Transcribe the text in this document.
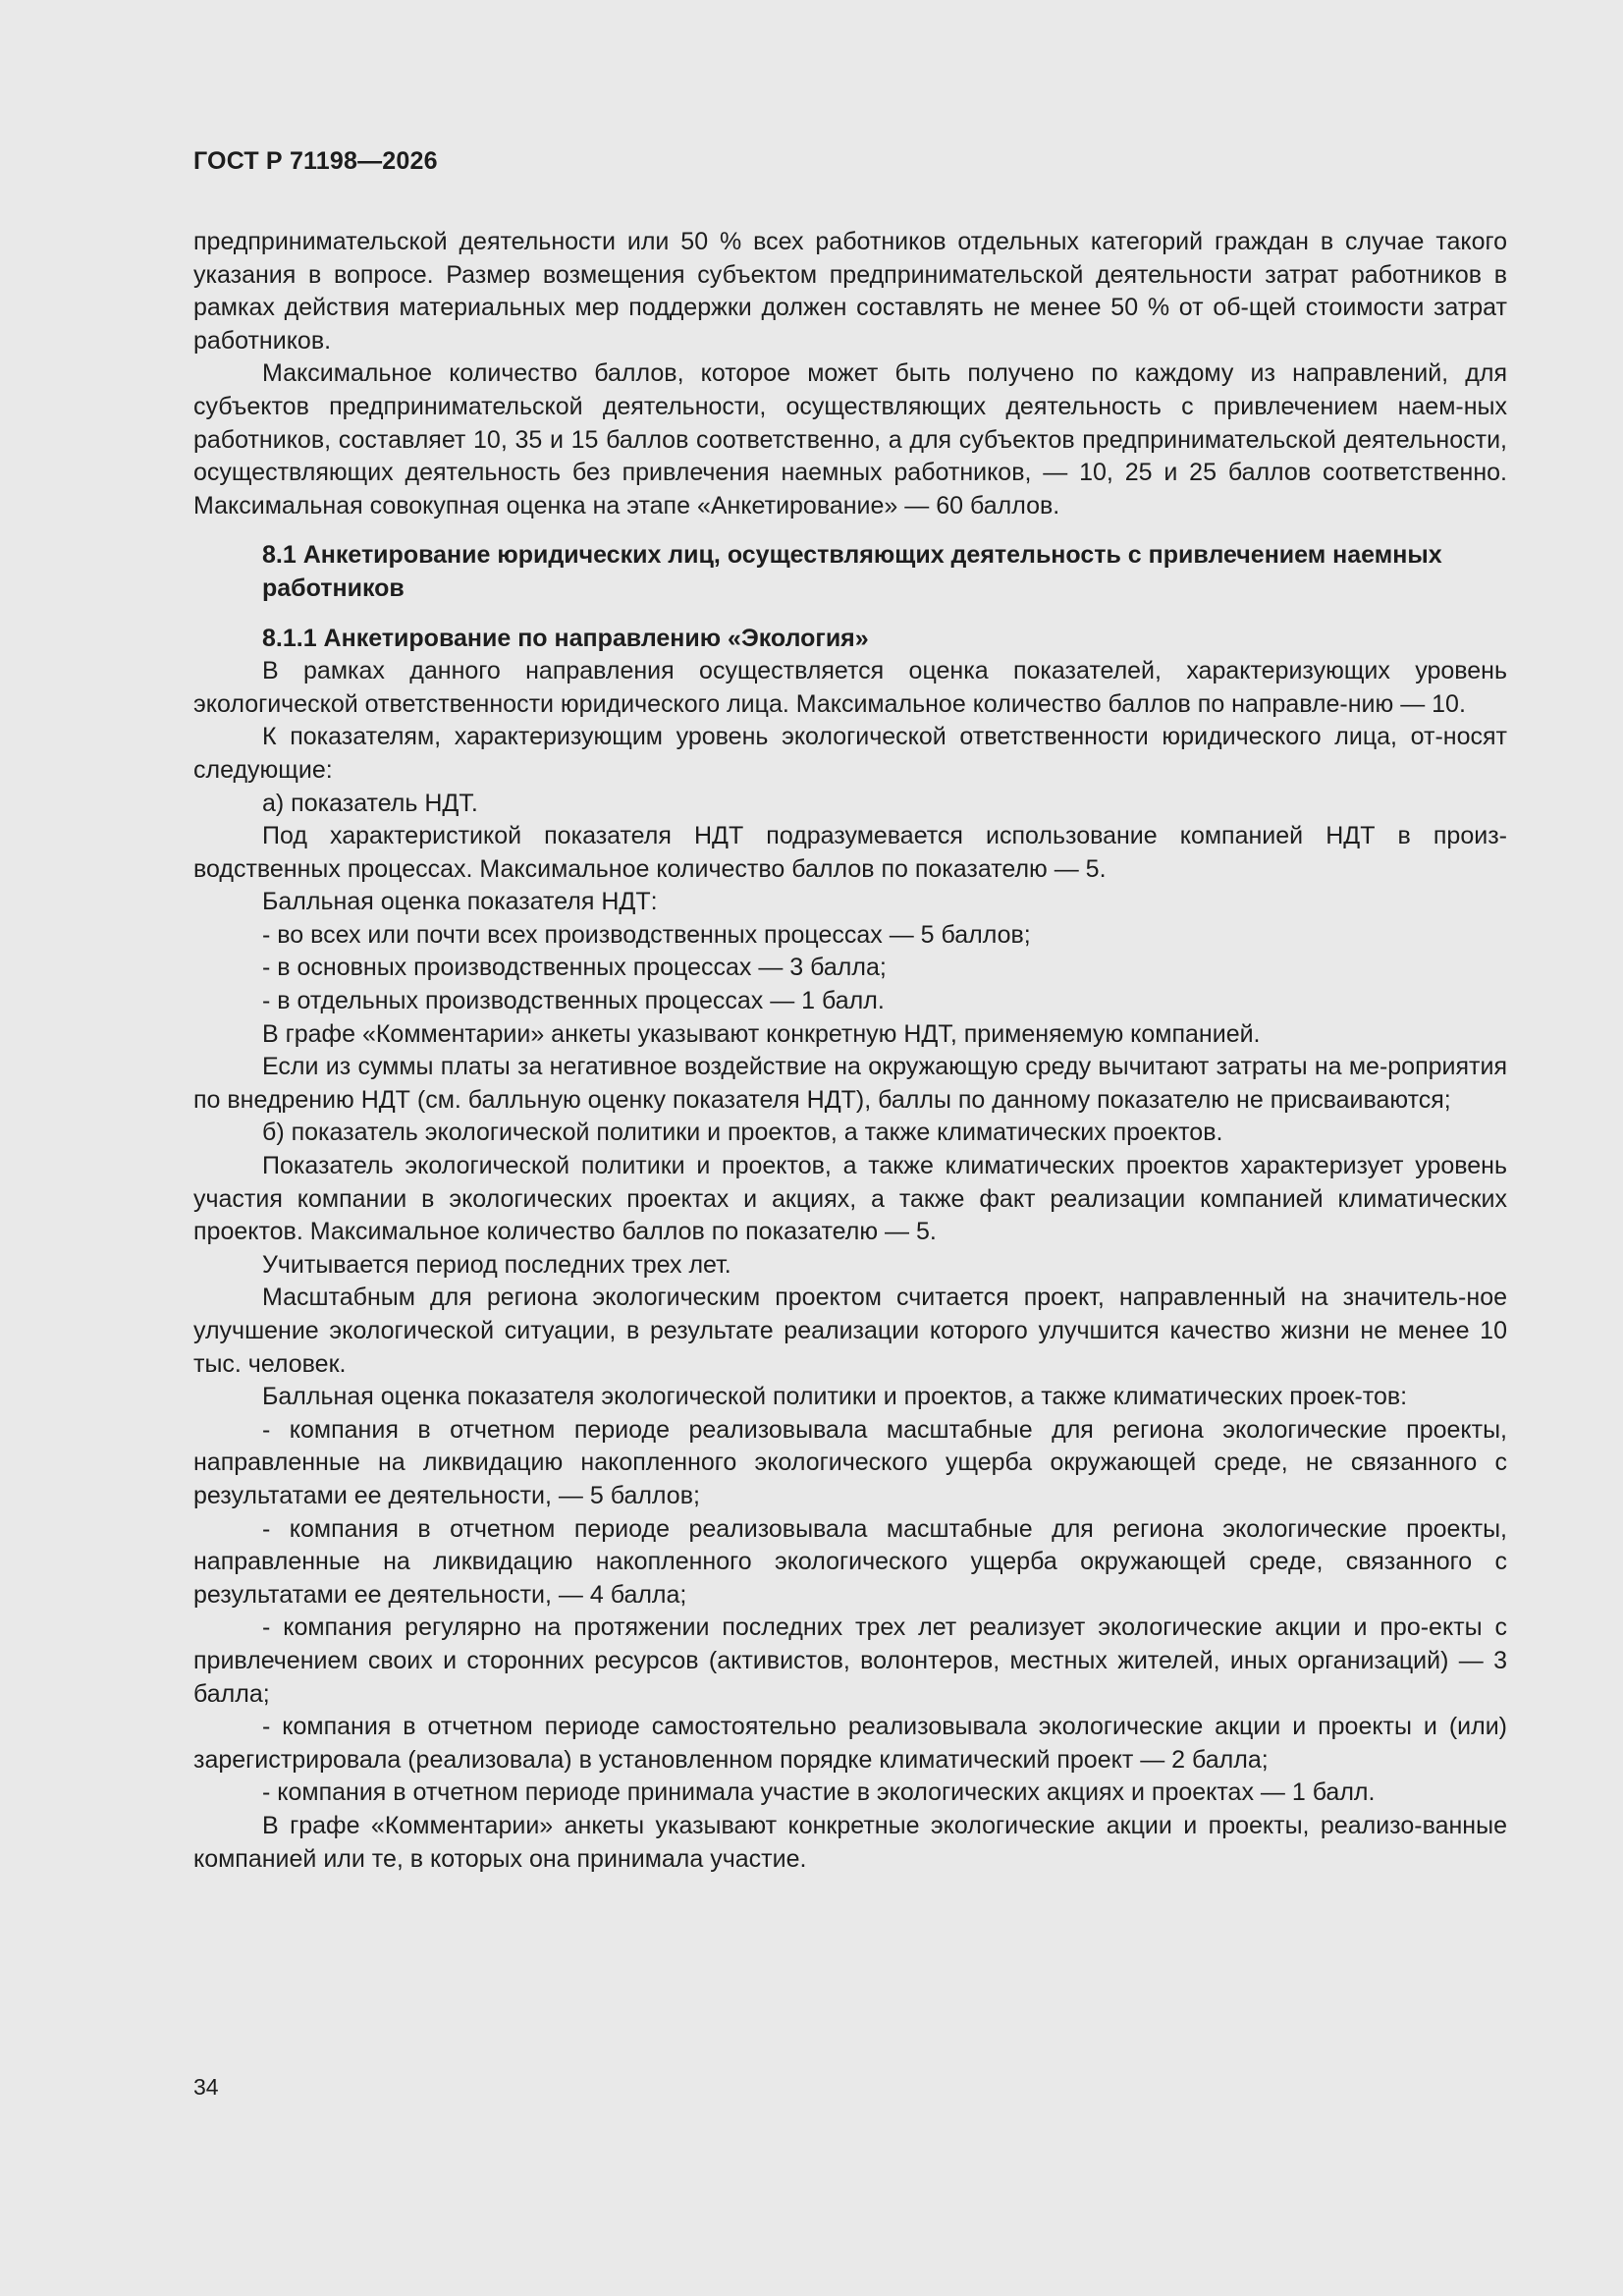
ГОСТ Р 71198—2026

предпринимательской деятельности или 50 % всех работников отдельных категорий граждан в случае такого указания в вопросе. Размер возмещения субъектом предпринимательской деятельности затрат работников в рамках действия материальных мер поддержки должен составлять не менее 50 % от об-щей стоимости затрат работников.

Максимальное количество баллов, которое может быть получено по каждому из направлений, для субъектов предпринимательской деятельности, осуществляющих деятельность с привлечением наем-ных работников, составляет 10, 35 и 15 баллов соответственно, а для субъектов предпринимательской деятельности, осуществляющих деятельность без привлечения наемных работников, — 10, 25 и 25 баллов соответственно. Максимальная совокупная оценка на этапе «Анкетирование» — 60 баллов.

8.1 Анкетирование юридических лиц, осуществляющих деятельность с привлечением наемных работников
8.1.1 Анкетирование по направлению «Экология»

В рамках данного направления осуществляется оценка показателей, характеризующих уровень экологической ответственности юридического лица. Максимальное количество баллов по направле-нию — 10.

К показателям, характеризующим уровень экологической ответственности юридического лица, от-носят следующие:

а) показатель НДТ.

Под характеристикой показателя НДТ подразумевается использование компанией НДТ в произ-водственных процессах. Максимальное количество баллов по показателю — 5.

Балльная оценка показателя НДТ:

- во всех или почти всех производственных процессах — 5 баллов;

- в основных производственных процессах — 3 балла;

- в отдельных производственных процессах — 1 балл.

В графе «Комментарии» анкеты указывают конкретную НДТ, применяемую компанией.

Если из суммы платы за негативное воздействие на окружающую среду вычитают затраты на ме-роприятия по внедрению НДТ (см. балльную оценку показателя НДТ), баллы по данному показателю не присваиваются;

б) показатель экологической политики и проектов, а также климатических проектов.

Показатель экологической политики и проектов, а также климатических проектов характеризует уровень участия компании в экологических проектах и акциях, а также факт реализации компанией климатических проектов. Максимальное количество баллов по показателю — 5.

Учитывается период последних трех лет.

Масштабным для региона экологическим проектом считается проект, направленный на значитель-ное улучшение экологической ситуации, в результате реализации которого улучшится качество жизни не менее 10 тыс. человек.

Балльная оценка показателя экологической политики и проектов, а также климатических проек-тов:

- компания в отчетном периоде реализовывала масштабные для региона экологические проекты, направленные на ликвидацию накопленного экологического ущерба окружающей среде, не связанного с результатами ее деятельности, — 5 баллов;

- компания в отчетном периоде реализовывала масштабные для региона экологические проекты, направленные на ликвидацию накопленного экологического ущерба окружающей среде, связанного с результатами ее деятельности, — 4 балла;

- компания регулярно на протяжении последних трех лет реализует экологические акции и про-екты с привлечением своих и сторонних ресурсов (активистов, волонтеров, местных жителей, иных организаций) — 3 балла;

- компания в отчетном периоде самостоятельно реализовывала экологические акции и проекты и (или) зарегистрировала (реализовала) в установленном порядке климатический проект — 2 балла;

- компания в отчетном периоде принимала участие в экологических акциях и проектах — 1 балл.

В графе «Комментарии» анкеты указывают конкретные экологические акции и проекты, реализо-ванные компанией или те, в которых она принимала участие.

34
